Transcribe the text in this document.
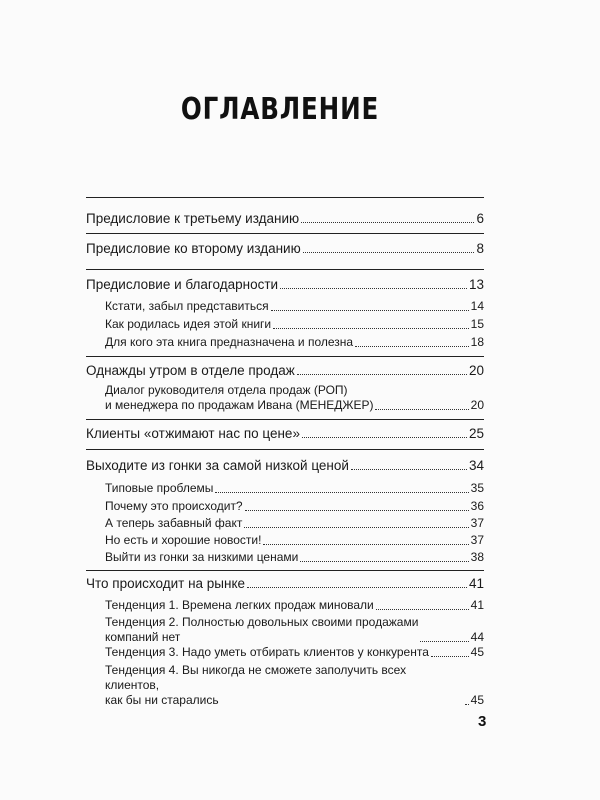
ОГЛАВЛЕНИЕ
Предисловие к третьему изданию	6
Предисловие ко второму изданию	8
Предисловие и благодарности	13
Кстати, забыл представиться	14
Как родилась идея этой книги	15
Для кого эта книга предназначена и полезна	18
Однажды утром в отделе продаж	20
Диалог руководителя отдела продаж (РОП)
и менеджера по продажам Ивана (МЕНЕДЖЕР)	20
Клиенты «отжимают нас по цене»	25
Выходите из гонки за самой низкой ценой	34
Типовые проблемы	35
Почему это происходит?	36
А теперь забавный факт	37
Но есть и хорошие новости!	37
Выйти из гонки за низкими ценами	38
Что происходит на рынке	41
Тенденция 1. Времена легких продаж миновали	41
Тенденция 2. Полностью довольных своими продажами
компаний нет	44
Тенденция 3. Надо уметь отбирать клиентов у конкурента	45
Тенденция 4. Вы никогда не сможете заполучить всех клиентов,
как бы ни старались	45
3
